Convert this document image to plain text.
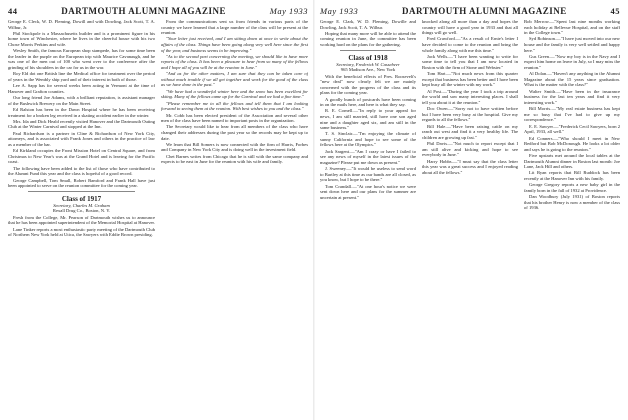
44	DARTMOUTH ALUMNI MAGAZINE	May 1933

George E. Cleck, W. D. Fleming, Dowill and with Dowling, Jack Scott, T. A. Wilbur, Jr.

Phil Stockpole is a Massachusetts builder and is a prominent figure in his home town of Winchester, where he lives in the cheerful house with his two Chose Morris Perkins and wife.

Wesley Smith, the famous European shop stampede, has for some time been the leader in the purple on the European trip with Maurice Cavanaugh, and he was one of the men out of 100 who went over to the conference after the grinding of his shoulders in the car for us in the war.

Roy Eld dot one British line the Medical office for treatment over the period of years in the Wembly ship yard and of their interest in both of those.

Lee A. Sapp has for several weeks been acting in Vermont at the time of Hanover and Grafton counties.

Our long friend Joe Adams, with a brilliant reputation, is assistant manager of the Bushwick Brewery on the Main Street.

Ed Ralston has been in the Dawn Hospital where he has been receiving treatment for a broken leg received in a skating accident earlier in the winter.

Mrs. Ida and Dick Heald recently visited Hanover and the Dartmouth Outing Club at the Winter Carnival and stopped at the Inn.

Paul Richardson is a partner in Cline & Richardson of New York City, attorneys, and is associated with Frank Jones and others in the practice of law as a member of the bar.

Ed Kirkland occupies the Front Mission Hotel on Central Square, and from Christmas to New Year's was at the Grand Hotel and is leaving for the Pacific coast.

The following have been added to the list of those who have contributed to the Alumni Fund this year and the class is hopeful of a good record.

George Campbell, Tom Small, Robert Bamford and Frank Hall have just been appointed to serve on the reunion committee for the coming year.

Class of 1917
Secretary, Charles M. Graham
Rexall Drug Co., Boston, N. Y.

Fresh from the College, Mr. Pearson of Dartmouth wishes us to announce that he has been appointed superintendent of the Memorial Hospital at Hanover.

Lane Tinker reports a most enthusiastic party meeting of the Dartmouth Club of Northern New York held at Utica, the Sawyers with Eddie Brown presiding.

From the communications sent us from friends in various parts of the country we have learned that a large number of the class will be present at the reunion.

"Your letter just received, and I am sitting down at once to write about the affairs of the class. Things have been going along very well here since the first of the year, and business seems to be improving."

"As to the second part concerning the meeting, we should like to have more reports of the class. It has been a pleasure to hear from so many of the fellows and I hope all of you will be at the reunion in June."

"And as for the other matters, I am sure that they can be taken care of without much trouble if we all get together and work for the good of the class as we have done in the past."

"We have had a wonderful winter here and the snow has been excellent for skiing. Many of the fellows came up for the Carnival and we had a fine time."

"Please remember me to all the fellows and tell them that I am looking forward to seeing them at the reunion. With best wishes to you and the class."

Mr. Cobb has been elected president of the Association and several other men of the class have been named to important posts in the organization.

The Secretary would like to hear from all members of the class who have changed their addresses during the past year so the records may be kept up to date.

We learn that Bill Somers is now connected with the firm of Harris, Forbes and Company in New York City and is doing well in the investment field.

Chet Barnes writes from Chicago that he is still with the same company and expects to be east in June for the reunion with his wife and family.

May 1933	DARTMOUTH ALUMNI MAGAZINE	45

George E. Clark, W. D. Fleming, Dowille and Dowling, Jack Scott, T. A. Wilbur.

Hoping that many more will be able to attend the coming reunion in June, the committee has been working hard on the plans for the gathering.

Class of 1918
Secretary, Frederick W. Cassebeer
965 Madison Ave., New York

With the beneficial effects of Pres. Roosevelt's "new deal" now clearly felt we are mainly concerned with the progress of the class and its plans for the coming year.

A goodly bunch of postcards have been coming in on the mails here, and here is what they say.

R. E. Cornell.—"In reply to your appeal for news, I am still married, still have one son aged nine and a daughter aged six, and am still in the same business."

T. S. Sinclair.—"I'm enjoying the climate of sunny California and hope to see some of the fellows here at the Olympics."

Jack Sargent.—"Am I crazy or have I failed to see any news of myself in the latest issues of the magazine? Please put me down as present."

J. Sweeney.—"It would be useless to send word to Bartley at this time as our bands are all closed, as you know, but I hope to be there."

Tom Crandall.—"At one hour's notice we were sent down here and our plans for the summer are uncertain at present."

knocked along all more than a day and hopes the country will have a good year in 1933 and that all things will go well.

Fred Crawford.—"As a result of Ernie's letter I have decided to come to the reunion and bring the whole family along with me this time."

Jack Wells.—"I have been wanting to write for some time to tell you that I am now located in Boston with the firm of Stone and Webster."

Tom Hart.—"Not much news from this quarter except that business has been better and I have been kept busy all the winter with my work."

Al Post.—"During the year I took a trip around the world and saw many interesting places. I shall tell you about it at the reunion."

Doc Owen.—"Sorry not to have written before but I have been very busy at the hospital. Give my regards to all the fellows."

Bill Hale.—"Have been raising cattle on my ranch out west and find it a very healthy life. The children are growing up fast."

Phil Davis.—"Not much to report except that I am still alive and kicking and hope to see everybody in June."

Harry Hobbs.—"I must say that the class letter this year was a great success and I enjoyed reading about all the fellows."

Bob Merrow.—"Spent last nine months working each holiday at Bellevue Hospital, and on the staff in the College town."

Syd Robinson.—"I have just moved into our new house and the family is very well settled and happy here."

Gus Green.—"Now my boy is in the Navy and I expect him home on leave in July, so I may miss the reunion."

Al Dolan.—"Haven't any anything in the Alumni Magazine about the 15 years since graduation. What is the matter with the class?"

Walter Smith.—"Have been in the insurance business for the last ten years and find it very interesting work."

Bill Morris.—"My real estate business has kept me so busy that I've had to give up my correspondence."

E. E. Sawyer.—"Frederick Cecil Sawyers, born 2 April, 1933, all well."

Ed Conners.—"Who should I meet in New Bedford but Bob McDonough. He looks a lot older and says he is going to the reunion."

Five upstarts met around the local tables at the Dartmouth Alumni dinner in Boston last month: Joe Lane, Jack Hill and others.

Lit Ryan reports that Bill Ruddock has been recently at the Hanover Inn with his family.

George Gregory reports a new baby girl in the family born in the fall of 1932 at Providence.

Dan Woodbury (July 1931) of Boston reports that his brother Henry is now a member of the class of 1936.
